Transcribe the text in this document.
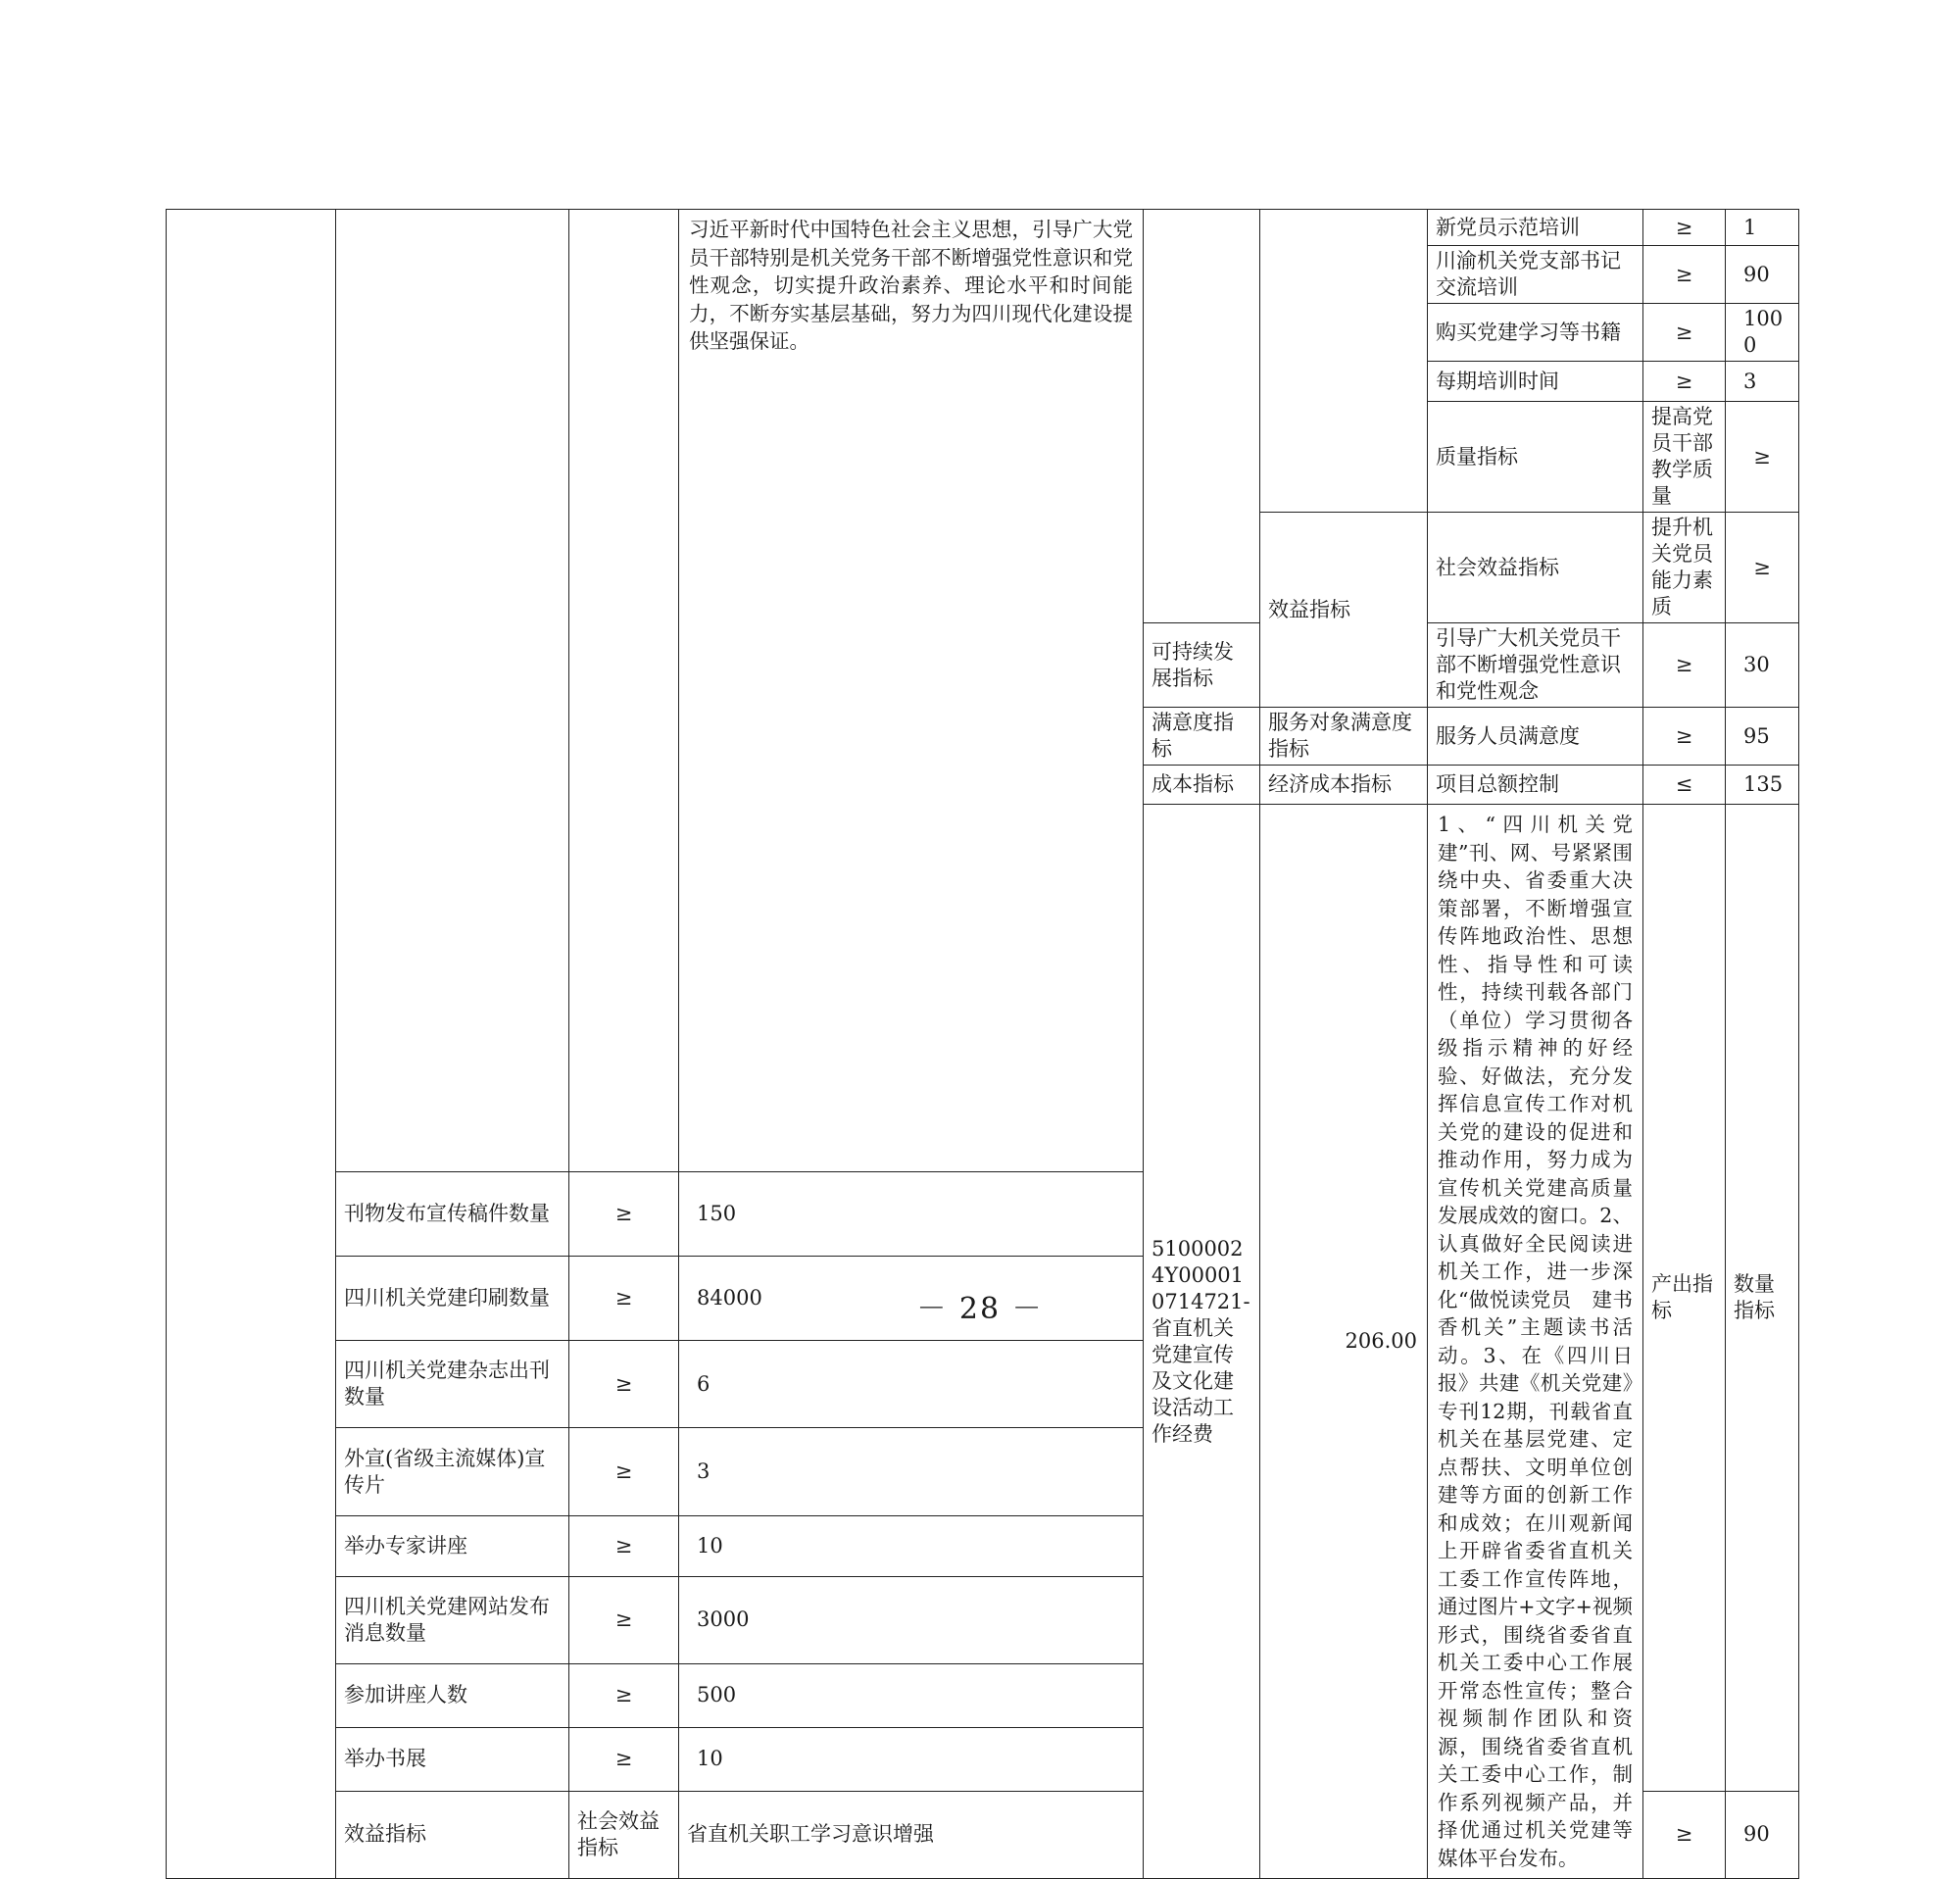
			习近平新时代中国特色社会主义思想，引导广大党员干部特别是机关党务干部不断增强党性意识和党性观念，切实提升政治素养、理论水平和时间能力，不断夯实基层基础，努力为四川现代化建设提供坚强保证。			新党员示范培训	≥	1	
						川渝机关党支部书记交流培训	≥	90	
						购买党建学习等书籍	≥	1000	
						每期培训时间	≥	3	
						质量指标	提高党员干部教学质量	≥	
					效益指标	社会效益指标	提升机关党员能力素质	≥	
				可持续发展指标		引导广大机关党员干部不断增强党性意识和党性观念	≥	30	
				满意度指标	服务对象满意度指标	服务人员满意度	≥	95	
				成本指标	经济成本指标	项目总额控制	≤	135	
				51000024Y000010714721-省直机关党建宣传及文化建设活动工作经费	206.00	1、“四川机关党建”刊、网、号紧紧围绕中央、省委重大决策部署，不断增强宣传阵地政治性、思想性、指导性和可读性，持续刊载各部门（单位）学习贯彻各级指示精神的好经验、好做法，充分发挥信息宣传工作对机关党的建设的促进和推动作用，努力成为宣传机关党建高质量发展成效的窗口。2、认真做好全民阅读进机关工作，进一步深化“做悦读党员　建书香机关”主题读书活动。3、在《四川日报》共建《机关党建》专刊12期，刊载省直机关在基层党建、定点帮扶、文明单位创建等方面的创新工作和成效；在川观新闻上开辟省委省直机关工委工作宣传阵地，通过图片+文字+视频形式，围绕省委省直机关工委中心工作展开常态性宣传；整合视频制作团队和资源，围绕省委省直机关工委中心工作，制作系列视频产品，并择优通过机关党建等媒体平台发布。	产出指标	数量指标			
	刊物发布宣传稿件数量	≥	150						
	四川机关党建印刷数量	≥	84000						
	四川机关党建杂志出刊数量	≥	6						
	外宣(省级主流媒体)宣传片	≥	3						
	举办专家讲座	≥	10						
	四川机关党建网站发布消息数量	≥	3000						
	参加讲座人数	≥	500						
	举办书展	≥	10						
	效益指标	社会效益指标	省直机关职工学习意识增强				≥	90	
－ 28 －
